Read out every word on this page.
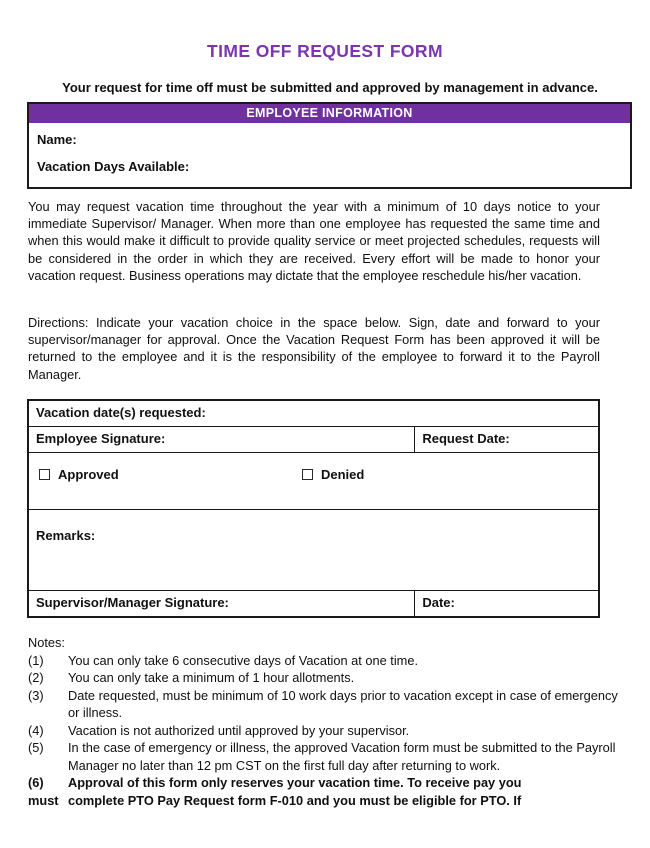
TIME OFF REQUEST FORM
Your request for time off must be submitted and approved by management in advance.
EMPLOYEE INFORMATION
Name:
Vacation Days Available:
You may request vacation time throughout the year with a minimum of 10 days notice to your immediate Supervisor/ Manager. When more than one employee has requested the same time and when this would make it difficult to provide quality service or meet projected schedules, requests will be considered in the order in which they are received. Every effort will be made to honor your vacation request. Business operations may dictate that the employee reschedule his/her vacation.
Directions: Indicate your vacation choice in the space below. Sign, date and forward to your supervisor/manager for approval. Once the Vacation Request Form has been approved it will be returned to the employee and it is the responsibility of the employee to forward it to the Payroll Manager.
Vacation date(s) requested:	

Employee Signature:	Request Date:

Approved Denied	

Remarks:	

Supervisor/Manager Signature:	Date:
Notes:
(1)	You can only take 6 consecutive days of Vacation at one time.
(2)	You can only take a minimum of 1 hour allotments.
(3)	Date requested, must be minimum of 10 work days prior to vacation except in case of emergency or illness.
(4)	Vacation is not authorized until approved by your supervisor.
(5)	In the case of emergency or illness, the approved Vacation form must be submitted to the Payroll Manager no later than 12 pm CST on the first full day after returning to work.
(6)	Approval of this form only reserves your vacation time. To receive pay you
must complete PTO Pay Request form F-010 and you must be eligible for PTO. If
